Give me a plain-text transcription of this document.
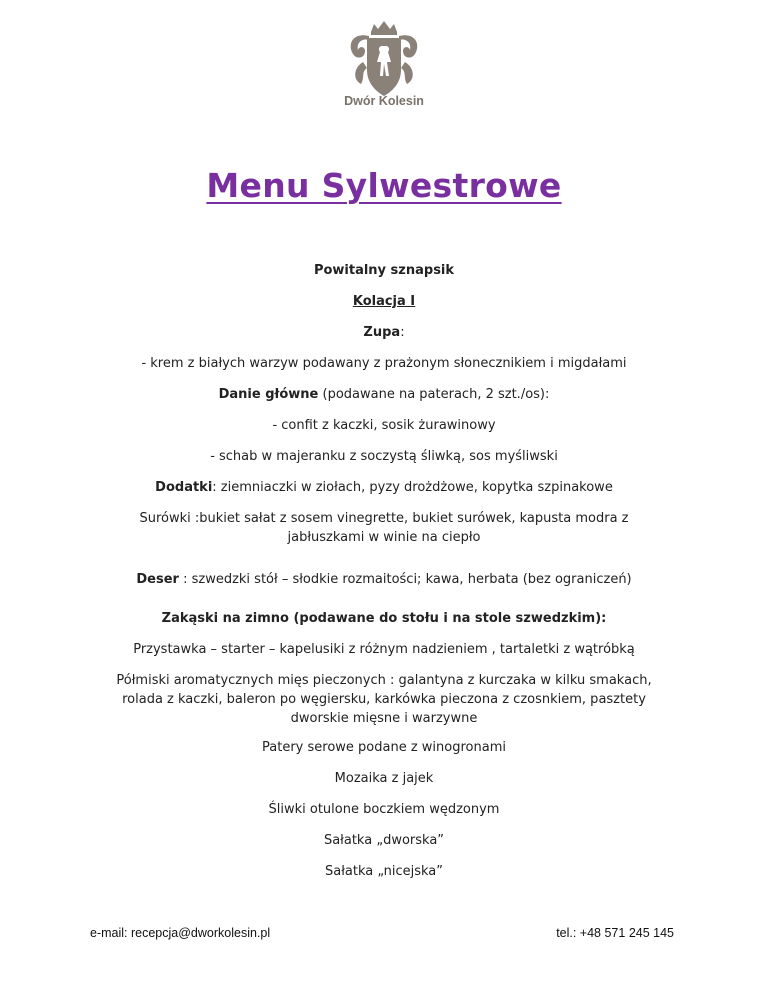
Dwór Kolesin
Menu Sylwestrowe
Powitalny sznapsik
Kolacja I
Zupa:
- krem z białych warzyw podawany z prażonym słonecznikiem i migdałami
Danie główne (podawane na paterach, 2 szt./os):
- confit z kaczki, sosik żurawinowy
- schab w majeranku z soczystą śliwką, sos myśliwski
Dodatki: ziemniaczki w ziołach, pyzy drożdżowe, kopytka szpinakowe
Surówki :bukiet sałat z sosem vinegrette, bukiet surówek, kapusta modra z jabłuszkami w winie na ciepło
Deser : szwedzki stół – słodkie rozmaitości; kawa, herbata (bez ograniczeń)
Zakąski na zimno (podawane do stołu i na stole szwedzkim):
Przystawka – starter – kapelusiki z różnym nadzieniem , tartaletki z wątróbką
Półmiski aromatycznych mięs pieczonych : galantyna z kurczaka w kilku smakach, rolada z kaczki, baleron po węgiersku, karkówka pieczona z czosnkiem, pasztety dworskie mięsne i warzywne
Patery serowe podane z winogronami
Mozaika z jajek
Śliwki otulone boczkiem wędzonym
Sałatka „dworska”
Sałatka „nicejska”
e-mail: recepcja@dworkolesin.pl	tel.: +48 571 245 145
